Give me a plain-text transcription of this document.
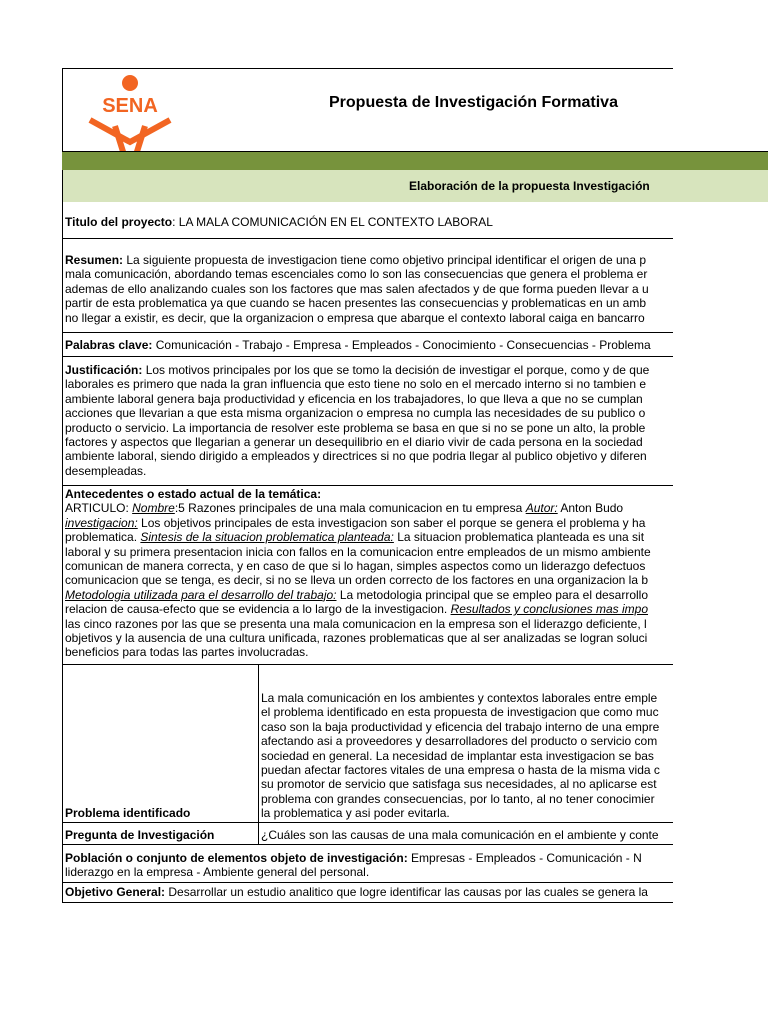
SENA	Propuesta de Investigación Formativa
Titulo del proyecto: LA MALA COMUNICACIÓN EN EL CONTEXTO LABORAL

Resumen: La siguiente propuesta de investigacion tiene como objetivo principal identificar el origen de una p

mala comunicación, abordando temas escenciales como lo son las consecuencias que genera el problema er

ademas de ello analizando cuales son los factores que mas salen afectados y de que forma pueden llevar a u

partir de esta problematica ya que cuando se hacen presentes las consecuencias y problematicas en un amb

no llegar a existir, es decir, que la organizacion o empresa que abarque el contexto laboral caiga en bancarro

Palabras clave: Comunicación - Trabajo - Empresa - Empleados - Conocimiento - Consecuencias - Problema

Justificación: Los motivos principales por los que se tomo la decisión de investigar el porque, como y de que

laborales es primero que nada la gran influencia que esto tiene no solo en el mercado interno si no tambien e

ambiente laboral genera baja productividad y eficencia en los trabajadores, lo que lleva a que no se cumplan

acciones que llevarian a que esta misma organizacion o empresa no cumpla las necesidades de su publico o

producto o servicio. La importancia de resolver este problema se basa en que si no se pone un alto, la proble

factores y aspectos que llegarian a generar un desequilibrio en el diario vivir de cada persona en la sociedad

ambiente laboral, siendo dirigido a empleados y directrices si no que podria llegar al publico objetivo y diferen

desempleadas.

Antecedentes o estado actual de la temática:

ARTICULO: Nombre:5 Razones principales de una mala comunicacion en tu empresa Autor: Anton Budo

investigacion: Los objetivos principales de esta investigacion son saber el porque se genera el problema y ha

problematica. Sintesis de la situacion problematica planteada: La situacion problematica planteada es una sit

laboral y su primera presentacion inicia con fallos en la comunicacion entre empleados de un mismo ambiente

comunican de manera correcta, y en caso de que si lo hagan, simples aspectos como un liderazgo defectuos

comunicacion que se tenga, es decir, si no se lleva un orden correcto de los factores en una organizacion la b

Metodologia utilizada para el desarrollo del trabajo: La metodologia principal que se empleo para el desarrollo

relacion de causa-efecto que se evidencia a lo largo de la investigacion. Resultados y conclusiones mas impo

las cinco razones por las que se presenta una mala comunicacion en la empresa son el liderazgo deficiente, l

objetivos y la ausencia de una cultura unificada, razones problematicas que al ser analizadas se logran soluci

beneficios para todas las partes involucradas.

Problema identificado

La mala comunicación en los ambientes y contextos laborales entre emple

el problema identificado en esta propuesta de investigacion que como muc

caso son la baja productividad y eficencia del trabajo interno de una empre

afectando asi a proveedores y desarrolladores del producto o servicio com

sociedad en general. La necesidad de implantar esta investigacion se bas

puedan afectar factores vitales de una empresa o hasta de la misma vida c

su promotor de servicio que satisfaga sus necesidades, al no aplicarse est

problema con grandes consecuencias, por lo tanto, al no tener conocimier

la problematica y asi poder evitarla.

Pregunta de Investigación	¿Cuáles son las causas de una mala comunicación en el ambiente y conte

Población o conjunto de elementos objeto de investigación: Empresas - Empleados - Comunicación - N

liderazgo en la empresa - Ambiente general del personal.

Objetivo General: Desarrollar un estudio analitico que logre identificar las causas por las cuales se genera la
Elaboración de la propuesta Investigación
